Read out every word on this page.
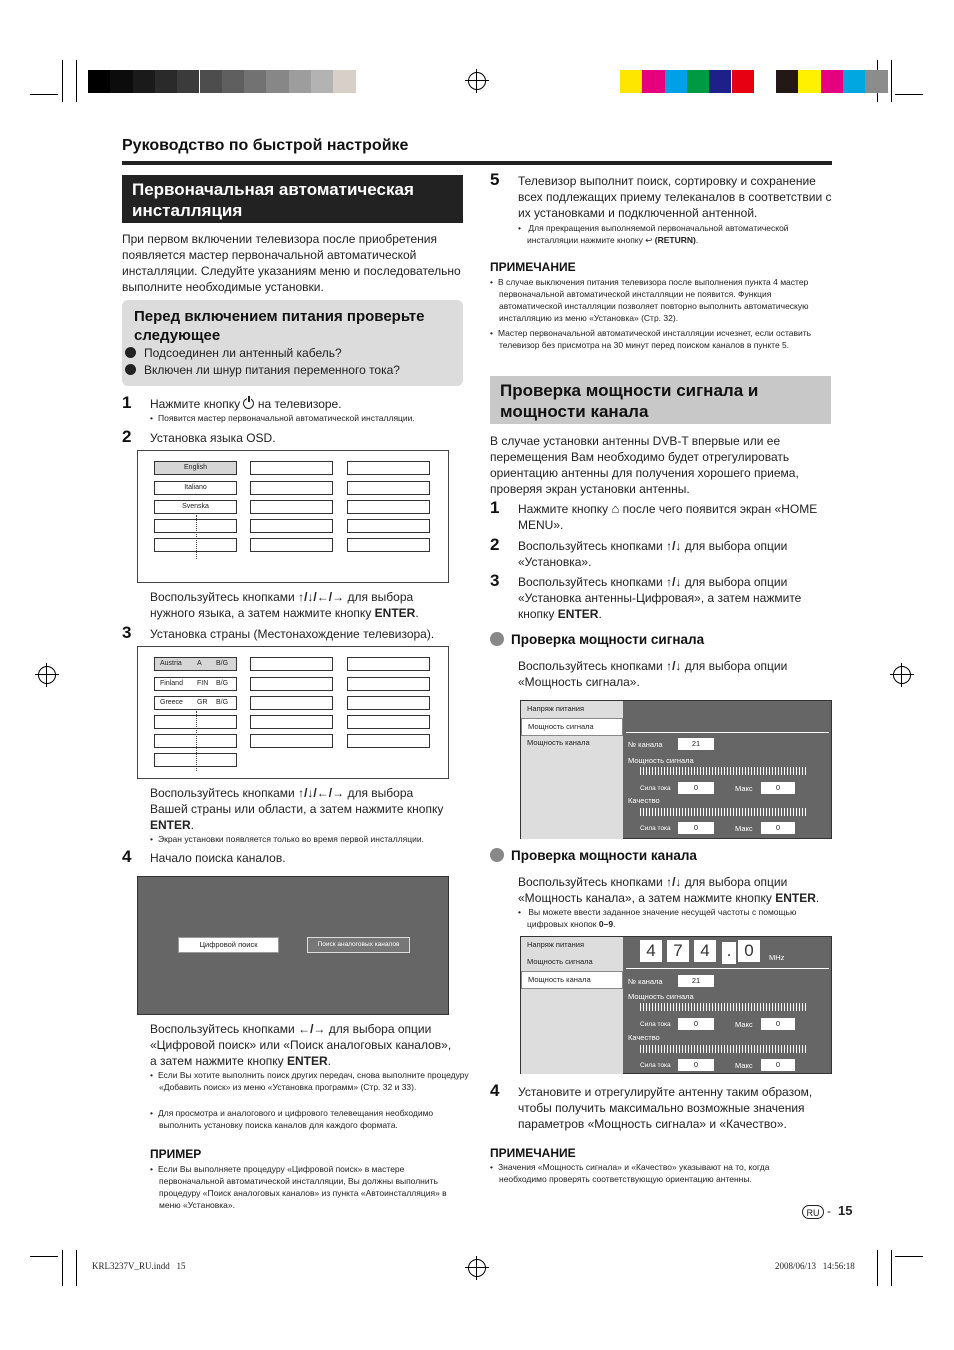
Руководство по быстрой настройке
Первоначальная автоматическая инсталляция
При первом включении телевизора после приобретения появляется мастер первоначальной автоматической инсталляции. Следуйте указаниям меню и последовательно выполните необходимые установки.
Перед включением питания проверьте следующее
Подсоединен ли антенный кабель?
Включен ли шнур питания переменного тока?
1 Нажмите кнопку на телевизоре.
• Появится мастер первоначальной автоматической инсталляции.
2 Установка языка OSD.
English
Italiano
Svenska
Воспользуйтесь кнопками ↑/↓/←/→ для выбора нужного языка, а затем нажмите кнопку ENTER.
3 Установка страны (Местонахождение телевизора).
Austria A B/G
Finland FIN B/G
Greece GR B/G
Воспользуйтесь кнопками ↑/↓/←/→ для выбора Вашей страны или области, а затем нажмите кнопку ENTER.
• Экран установки появляется только во время первой инсталляции.
4 Начало поиска каналов.
Цифровой поиск	Поиск аналоговых каналов
Воспользуйтесь кнопками ←/→ для выбора опции «Цифровой поиск» или «Поиск аналоговых каналов», а затем нажмите кнопку ENTER.
• Если Вы хотите выполнить поиск других передач, снова выполните процедуру «Добавить поиск» из меню «Установка программ» (Стр. 32 и 33).
• Для просмотра и аналогового и цифрового телевещания необходимо выполнить установку поиска каналов для каждого формата.
ПРИМЕР
• Если Вы выполняете процедуру «Цифровой поиск» в мастере первоначальной автоматической инсталляции, Вы должны выполнить процедуру «Поиск аналоговых каналов» из пункта «Автоинсталляция» в меню «Установка».
5 Телевизор выполнит поиск, сортировку и сохранение всех подлежащих приему телеканалов в соответствии с их установками и подключенной антенной.
• Для прекращения выполняемой первоначальной автоматической инсталляции нажмите кнопку ↩ (RETURN).
ПРИМЕЧАНИЕ
• В случае выключения питания телевизора после выполнения пункта 4 мастер первоначальной автоматической инсталляции не появится. Функция автоматической инсталляции позволяет повторно выполнить автоматическую инсталляцию из меню «Установка» (Стр. 32).
• Мастер первоначальной автоматической инсталляции исчезнет, если оставить телевизор без присмотра на 30 минут перед поиском каналов в пункте 5.
Проверка мощности сигнала и мощности канала
В случае установки антенны DVB-T впервые или ее перемещения Вам необходимо будет отрегулировать ориентацию антенны для получения хорошего приема, проверяя экран установки антенны.
1 Нажмите кнопку ⌂ после чего появится экран «HOME MENU».
2 Воспользуйтесь кнопками ↑/↓ для выбора опции «Установка».
3 Воспользуйтесь кнопками ↑/↓ для выбора опции «Установка антенны-Цифровая», а затем нажмите кнопку ENTER.
Проверка мощности сигнала
Воспользуйтесь кнопками ↑/↓ для выбора опции «Мощность сигнала».
Напряж питания
Мощность сигнала
Мощность канала	№ канала	21
Мощность сигнала
Сила тока	0	Макс	0
Качество
Сила тока	0	Макс	0
Проверка мощности канала
Воспользуйтесь кнопками ↑/↓ для выбора опции «Мощность канала», а затем нажмите кнопку ENTER.
• Вы можете ввести заданное значение несущей частоты с помощью цифровых кнопок 0–9.
Напряж питания
Мощность сигнала
Мощность канала
4	7	4 . 0	MHz
№ канала	21
Мощность сигнала
Сила тока	0	Макс	0
Качество
Сила тока	0	Макс	0
4 Установите и отрегулируйте антенну таким образом, чтобы получить максимально возможные значения параметров «Мощность сигнала» и «Качество».
ПРИМЕЧАНИЕ
• Значения «Мощность сигнала» и «Качество» указывают на то, когда необходимо проверять соответствующую ориентацию антенны.
RU - 15
KRL3237V_RU.indd   15	2008/06/13   14:56:18
